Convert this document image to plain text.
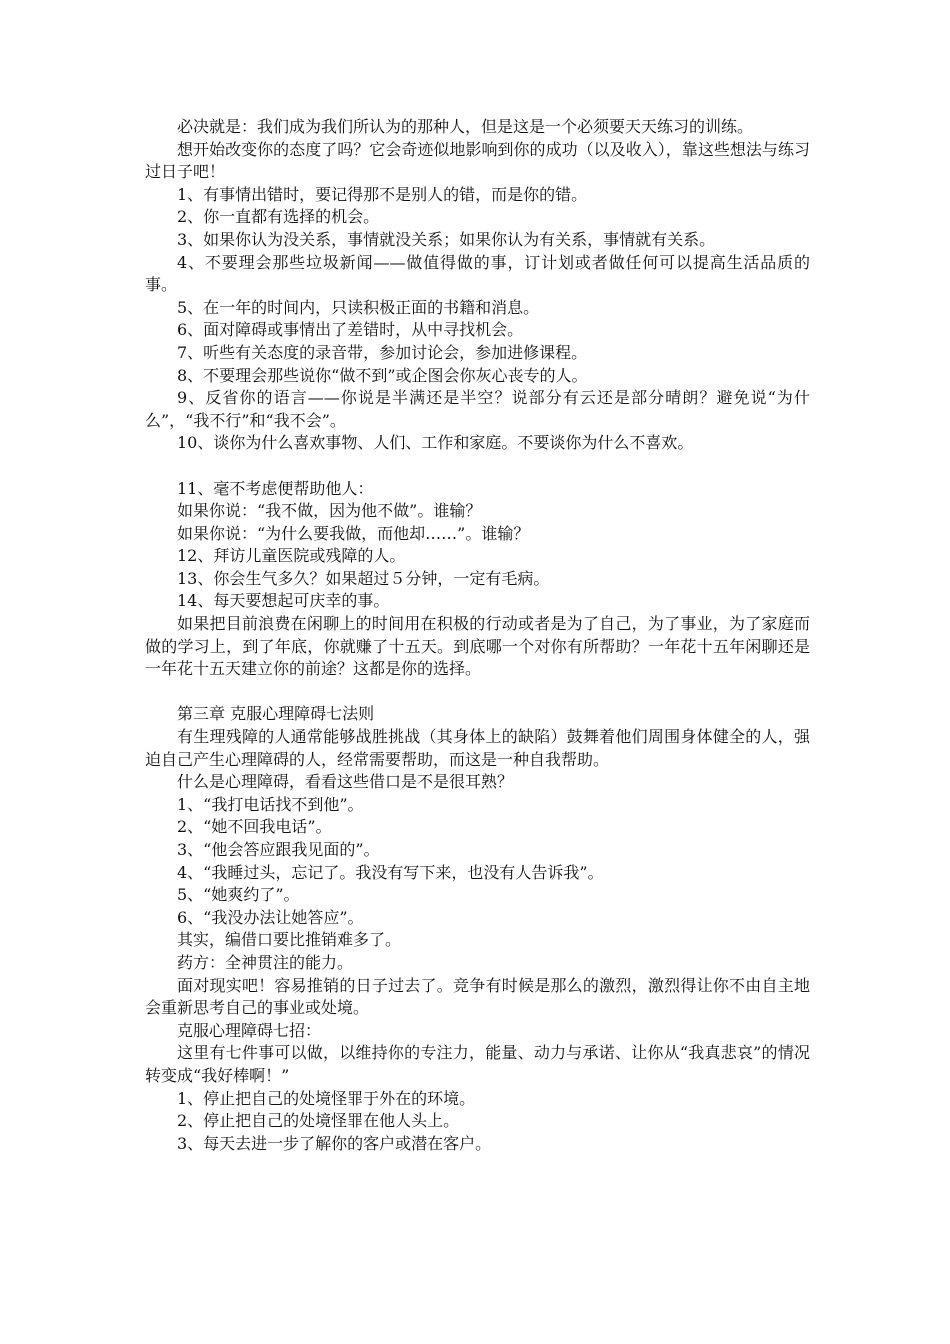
必决就是：我们成为我们所认为的那种人，但是这是一个必须要天天练习的训练。

想开始改变你的态度了吗？它会奇迹似地影响到你的成功（以及收入），靠这些想法与练习过日子吧！

1、有事情出错时，要记得那不是别人的错，而是你的错。

2、你一直都有选择的机会。

3、如果你认为没关系，事情就没关系；如果你认为有关系，事情就有关系。

4、不要理会那些垃圾新闻——做值得做的事，订计划或者做任何可以提高生活品质的事。

5、在一年的时间内，只读积极正面的书籍和消息。

6、面对障碍或事情出了差错时，从中寻找机会。

7、听些有关态度的录音带，参加讨论会，参加进修课程。

8、不要理会那些说你“做不到”或企图会你灰心丧专的人。

9、反省你的语言——你说是半满还是半空？说部分有云还是部分晴朗？避免说“为什么”，“我不行”和“我不会”。

10、谈你为什么喜欢事物、人们、工作和家庭。不要谈你为什么不喜欢。

11、毫不考虑便帮助他人：

如果你说：“我不做，因为他不做”。谁输？

如果你说：“为什么要我做，而他却……”。谁输？

12、拜访儿童医院或残障的人。

13、你会生气多久？如果超过５分钟，一定有毛病。

14、每天要想起可庆幸的事。

如果把目前浪费在闲聊上的时间用在积极的行动或者是为了自己，为了事业，为了家庭而做的学习上，到了年底，你就赚了十五天。到底哪一个对你有所帮助？一年花十五年闲聊还是一年花十五天建立你的前途？这都是你的选择。

第三章 克服心理障碍七法则

有生理残障的人通常能够战胜挑战（其身体上的缺陷）鼓舞着他们周围身体健全的人，强迫自己产生心理障碍的人，经常需要帮助，而这是一种自我帮助。

什么是心理障碍，看看这些借口是不是很耳熟？

1、“我打电话找不到他”。

2、“她不回我电话”。

3、“他会答应跟我见面的”。

4、“我睡过头，忘记了。我没有写下来，也没有人告诉我”。

5、“她爽约了”。

6、“我没办法让她答应”。

其实，编借口要比推销难多了。

药方：全神贯注的能力。

面对现实吧！容易推销的日子过去了。竞争有时候是那么的激烈，激烈得让你不由自主地会重新思考自己的事业或处境。

克服心理障碍七招：

这里有七件事可以做，以维持你的专注力，能量、动力与承诺、让你从“我真悲哀”的情况转变成“我好棒啊！”

1、停止把自己的处境怪罪于外在的环境。

2、停止把自己的处境怪罪在他人头上。

3、每天去进一步了解你的客户或潜在客户。
